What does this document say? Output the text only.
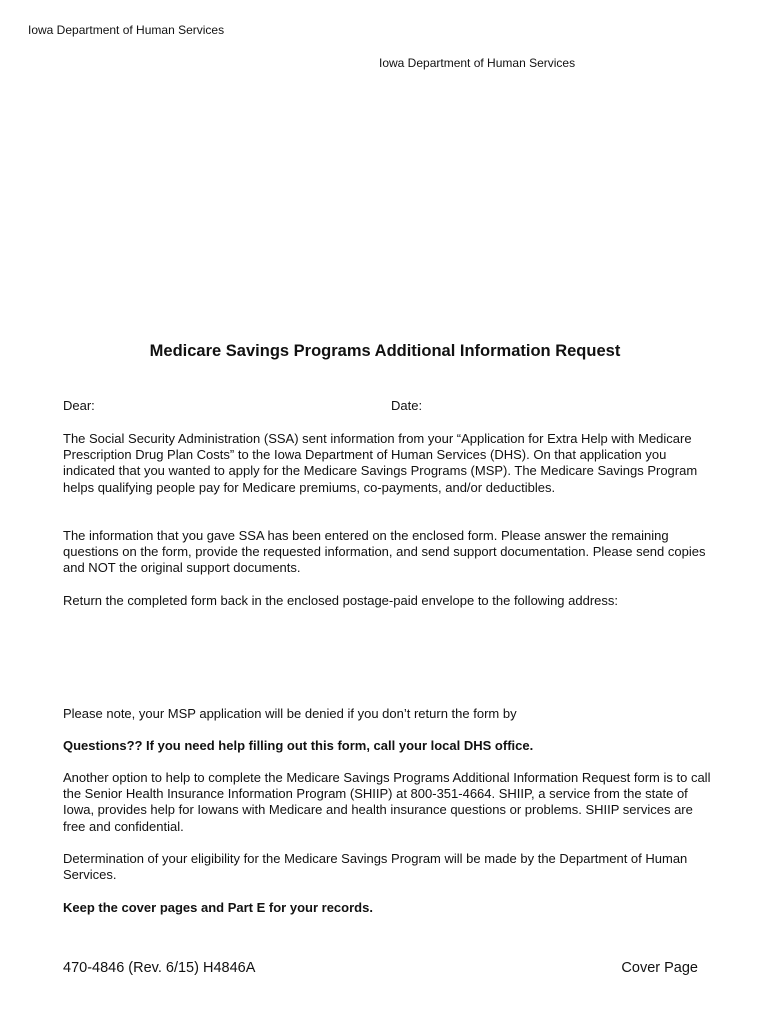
Iowa Department of Human Services
Iowa Department of Human Services
Medicare Savings Programs Additional Information Request
Dear:	Date:
The Social Security Administration (SSA) sent information from your “Application for Extra Help with Medicare Prescription Drug Plan Costs” to the Iowa Department of Human Services (DHS). On that application you indicated that you wanted to apply for the Medicare Savings Programs (MSP). The Medicare Savings Program helps qualifying people pay for Medicare premiums, co-payments, and/or deductibles.
The information that you gave SSA has been entered on the enclosed form. Please answer the remaining questions on the form, provide the requested information, and send support documentation. Please send copies and NOT the original support documents.
Return the completed form back in the enclosed postage-paid envelope to the following address:
Please note, your MSP application will be denied if you don’t return the form by
Questions?? If you need help filling out this form, call your local DHS office.
Another option to help to complete the Medicare Savings Programs Additional Information Request form is to call the Senior Health Insurance Information Program (SHIIP) at 800-351-4664. SHIIP, a service from the state of Iowa, provides help for Iowans with Medicare and health insurance questions or problems. SHIIP services are free and confidential.
Determination of your eligibility for the Medicare Savings Program will be made by the Department of Human Services.
Keep the cover pages and Part E for your records.
470-4846 (Rev. 6/15) H4846A	Cover Page
